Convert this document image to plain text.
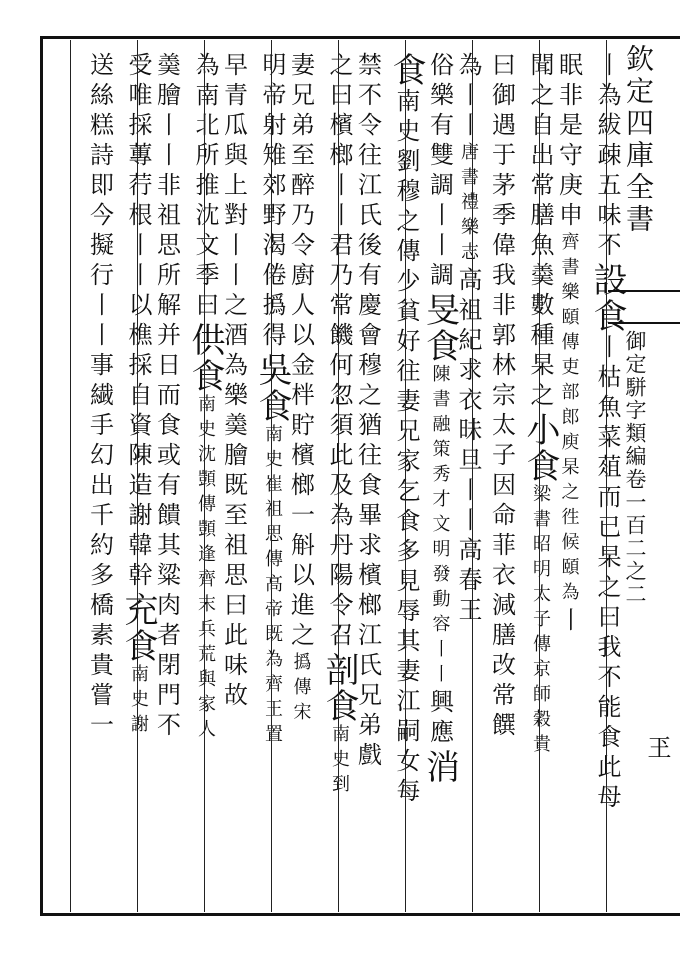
欽定四庫全書
御定駢字類編卷一百二之二
玊
丨為紱疎五味不設食丨枯魚菜葅而已杲之曰我不能食此母
眠非是守庚申齊書樂頤傳吏部郎庾杲之徃候頤為丨
聞之自出常膳魚羮數種杲之小食梁書昭明太子傳京師穀貴
曰御遇于茅季偉我非郭林宗太子因命菲衣減膳改常饌
為丨丨唐書禮樂志高祖紀求衣昧旦丨丨高春王
俗樂有雙調丨丨調旻食陳書融策秀才文明發動容丨丨興應消
食南史劉穆之傳少貧好往妻兄家乞食多見辱其妻江嗣女每
禁不令往江氏後有慶會穆之猶往食畢求檳榔江氏兄弟戲
之曰檳榔丨丨君乃常饑何忽須此及為丹陽令召剖食南史到
妻兄弟至醉乃令廚人以金柈貯檳榔一斛以進之撝傳宋
明帝射雉郊野渴倦撝得吳食南史崔祖思傳高帝既為齊王置
早青瓜與上對丨丨之酒為樂羮膾既至祖思曰此味故
為南北所推沈文季曰供食南史沈顗傳顗逢齊末兵荒與家人
羮膾丨丨非祖思所解并日而食或有饋其粱肉者閉門不
受唯採蓴荇根丨丨以樵採自資陳造謝韓幹充食南史謝
送絲糕詩即今擬行丨丨事繊手幻出千約多橋素貴嘗一
